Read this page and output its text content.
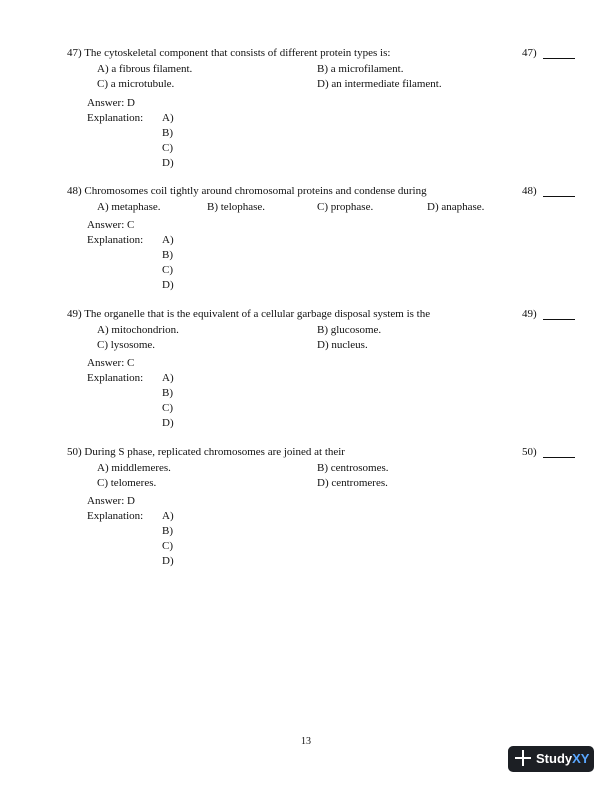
47) The cytoskeletal component that consists of different protein types is:	47)
A) a fibrous filament.	B) a microfilament.
C) a microtubule.	D) an intermediate filament.
Answer: D
Explanation: A)
B)
C)
D)
48) Chromosomes coil tightly around chromosomal proteins and condense during	48)
A) metaphase.	B) telophase.	C) prophase.	D) anaphase.
Answer: C
Explanation: A)
B)
C)
D)
49) The organelle that is the equivalent of a cellular garbage disposal system is the	49)
A) mitochondrion.	B) glucosome.
C) lysosome.	D) nucleus.
Answer: C
Explanation: A)
B)
C)
D)
50) During S phase, replicated chromosomes are joined at their	50)
A) middlemeres.	B) centrosomes.
C) telomeres.	D) centromeres.
Answer: D
Explanation: A)
B)
C)
D)
13
StudyXY
